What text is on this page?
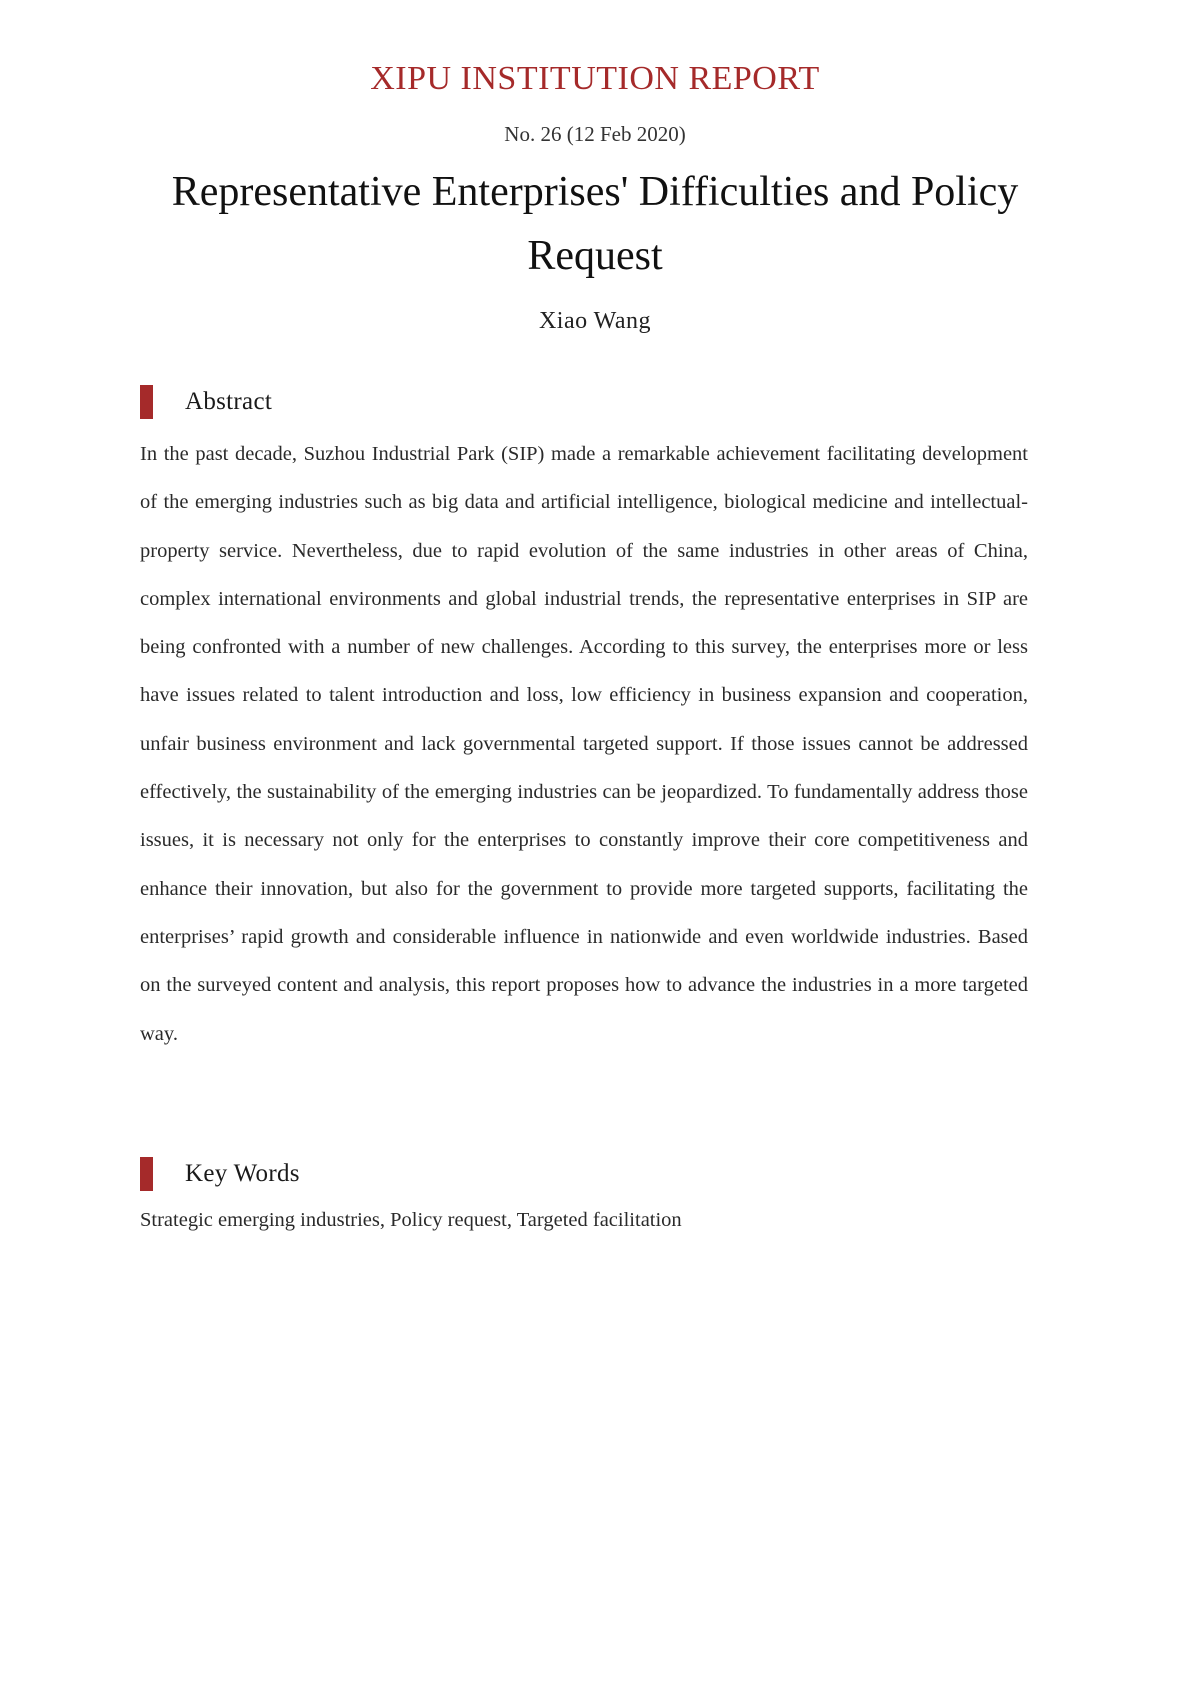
XIPU INSTITUTION REPORT
No. 26 (12 Feb 2020)
Representative Enterprises' Difficulties and Policy Request
Xiao Wang
Abstract
In the past decade, Suzhou Industrial Park (SIP) made a remarkable achievement facilitating development of the emerging industries such as big data and artificial intelligence, biological medicine and intellectual-property service. Nevertheless, due to rapid evolution of the same industries in other areas of China, complex international environments and global industrial trends, the representative enterprises in SIP are being confronted with a number of new challenges. According to this survey, the enterprises more or less have issues related to talent introduction and loss, low efficiency in business expansion and cooperation, unfair business environment and lack governmental targeted support. If those issues cannot be addressed effectively, the sustainability of the emerging industries can be jeopardized. To fundamentally address those issues, it is necessary not only for the enterprises to constantly improve their core competitiveness and enhance their innovation, but also for the government to provide more targeted supports, facilitating the enterprises’ rapid growth and considerable influence in nationwide and even worldwide industries. Based on the surveyed content and analysis, this report proposes how to advance the industries in a more targeted way.
Key Words
Strategic emerging industries, Policy request, Targeted facilitation
